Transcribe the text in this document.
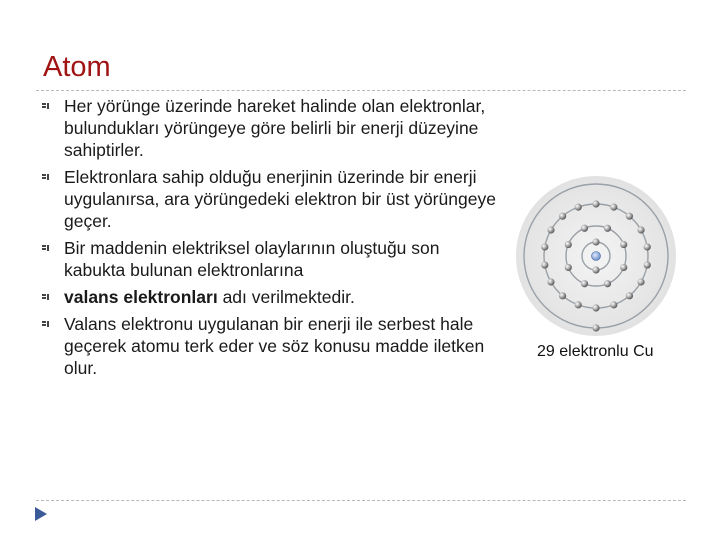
Atom
Her yörünge üzerinde hareket halinde olan elektronlar, bulundukları yörüngeye göre belirli bir enerji düzeyine sahiptirler.
Elektronlara sahip olduğu enerjinin üzerinde bir enerji uygulanırsa, ara yörüngedeki elektron bir üst yörüngeye geçer.
Bir maddenin elektriksel olaylarının oluştuğu son kabukta bulunan elektronlarına
valans elektronları adı verilmektedir.
Valans elektronu uygulanan bir enerji ile serbest hale geçerek atomu terk eder ve söz konusu madde iletken olur.
29 elektronlu Cu
